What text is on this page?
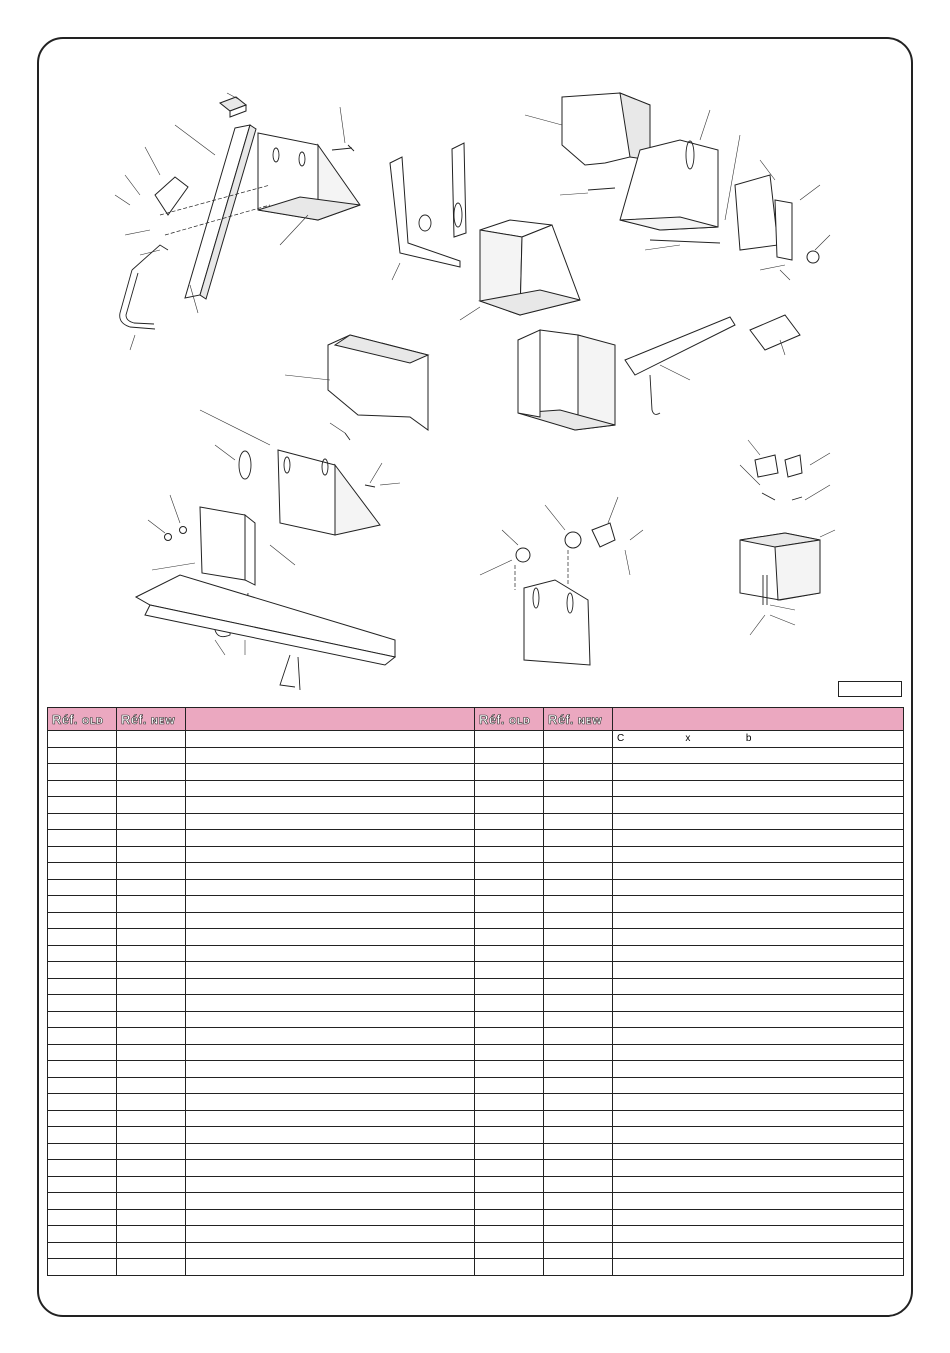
Réf. OLD	Réf. NEW		Réf. OLD	Réf. NEW	
					C                      x                    b
